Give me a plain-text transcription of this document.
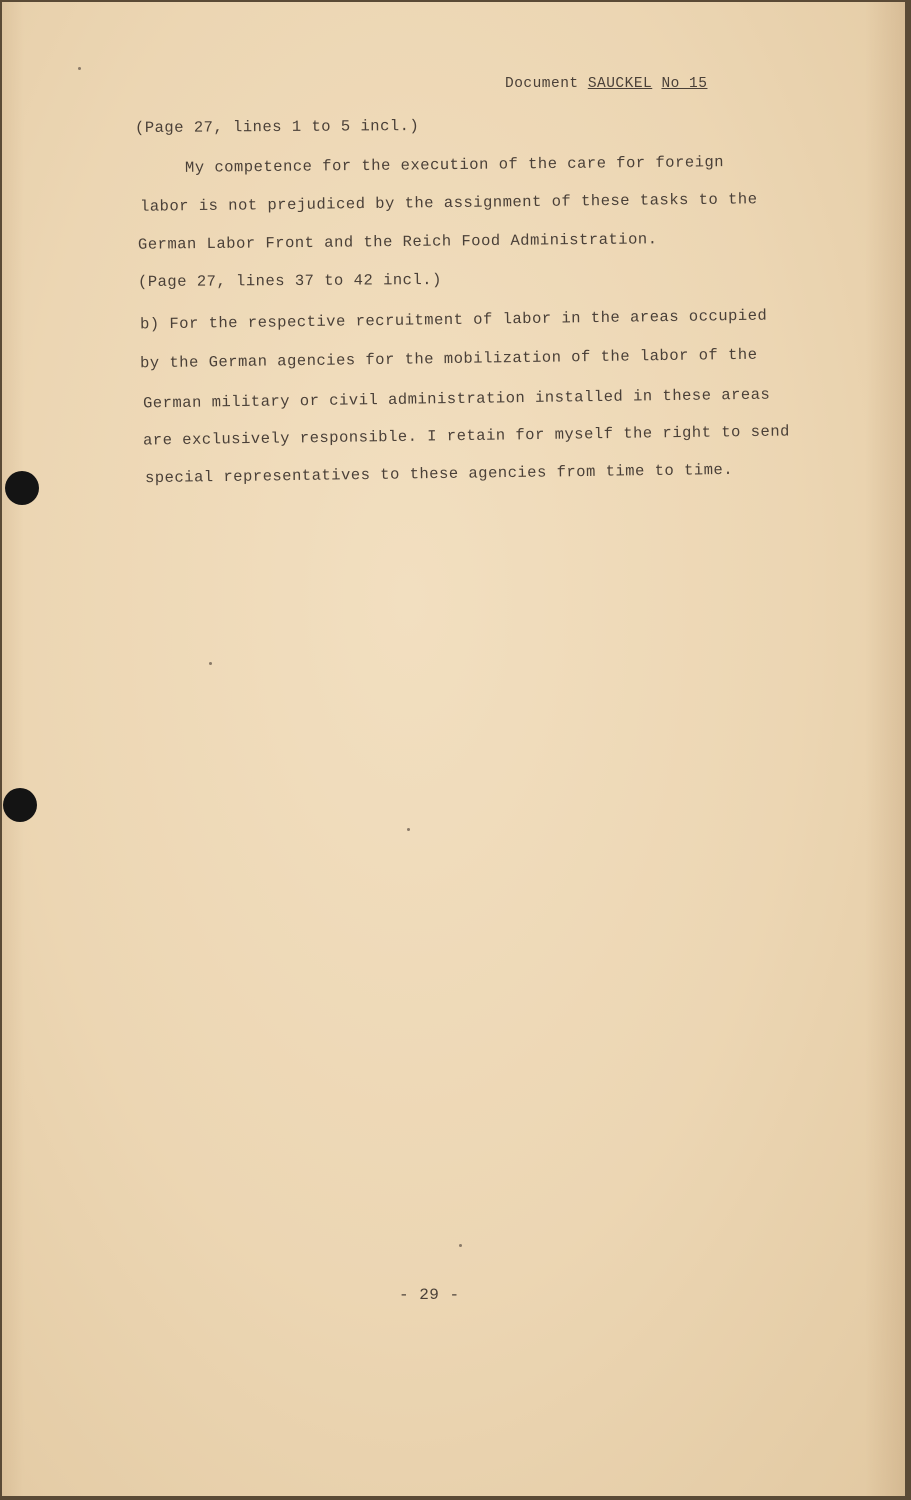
Document SAUCKEL No 15
(Page 27, lines 1 to 5 incl.)
My competence for the execution of the care for foreign
labor is not prejudiced by the assignment of these tasks to the
German Labor Front and the Reich Food Administration.
(Page 27, lines 37 to 42 incl.)
b) For the respective recruitment of labor in the areas occupied
by the German agencies for the mobilization of the labor of the
German military or civil administration installed in these areas
are exclusively responsible. I retain for myself the right to send
special representatives to these agencies from time to time.
- 29 -
